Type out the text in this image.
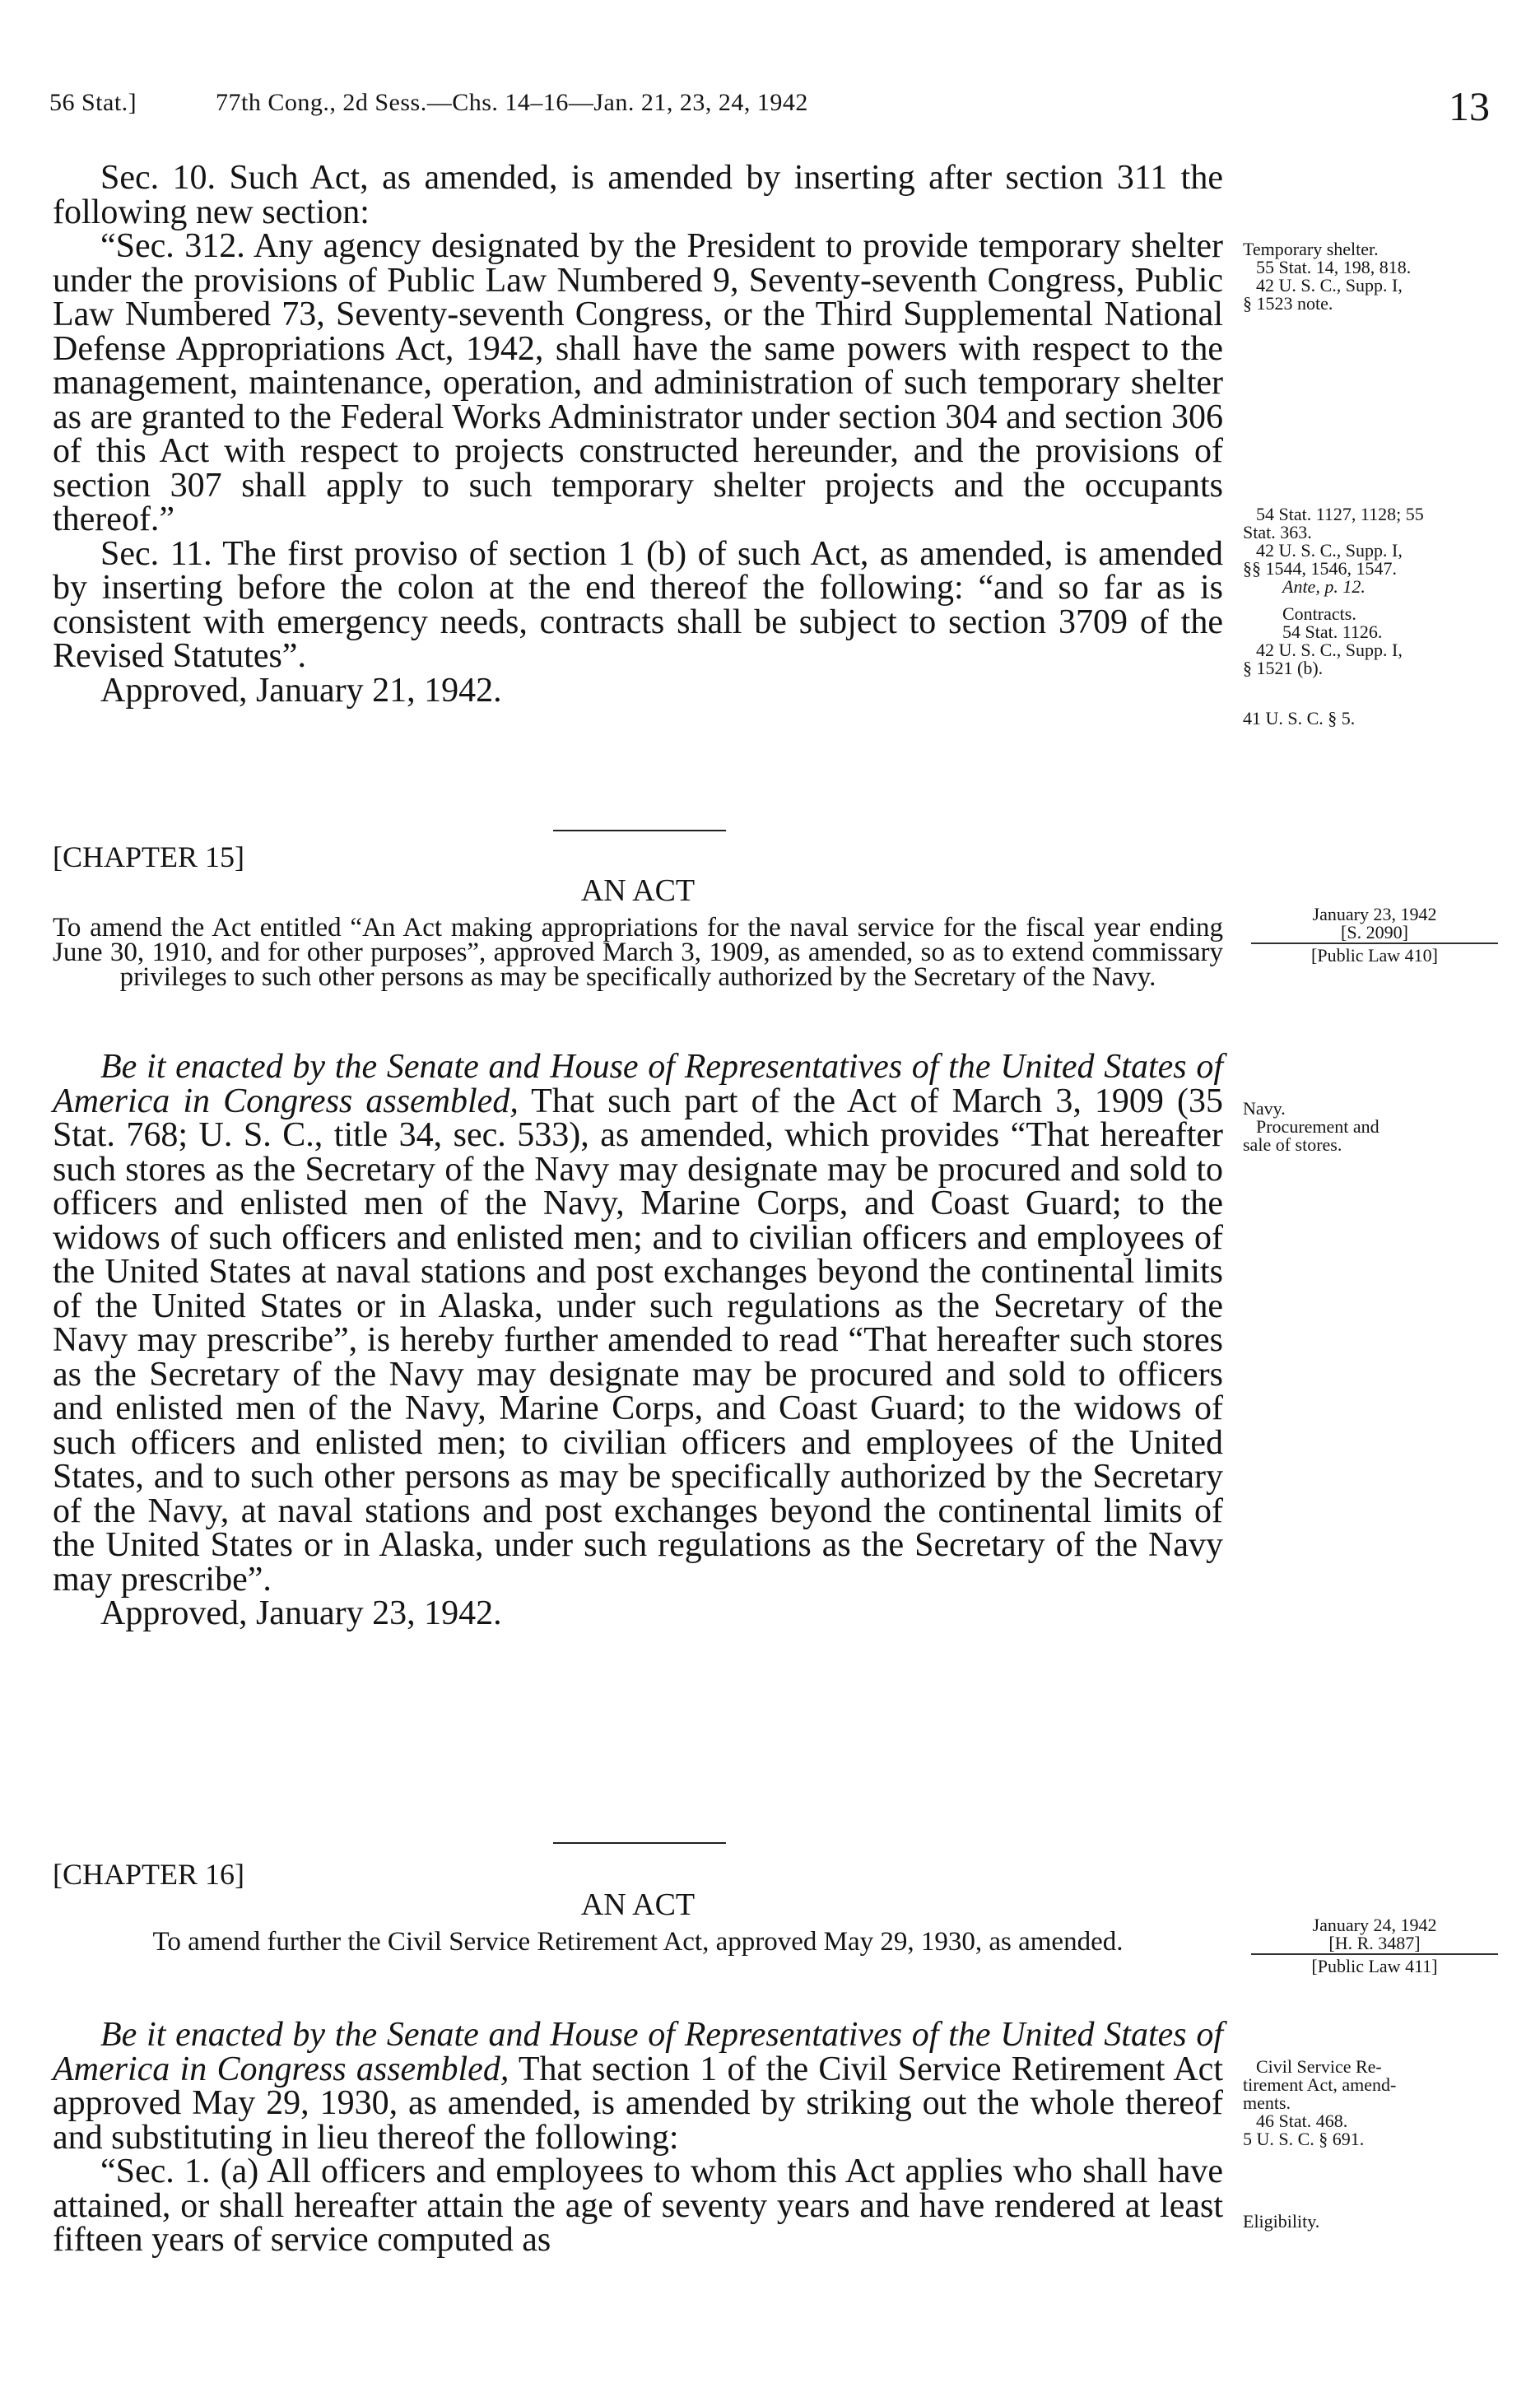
56 Stat.]	77th Cong., 2d Sess.—Chs. 14–16—Jan. 21, 23, 24, 1942	13

Sec. 10. Such Act, as amended, is amended by inserting after section 311 the following new section:

“Sec. 312. Any agency designated by the President to provide temporary shelter under the provisions of Public Law Numbered 9, Seventy-seventh Congress, Public Law Numbered 73, Seventy-seventh Congress, or the Third Supplemental National Defense Appropriations Act, 1942, shall have the same powers with respect to the management, maintenance, operation, and administration of such temporary shelter as are granted to the Federal Works Administrator under section 304 and section 306 of this Act with respect to projects constructed hereunder, and the provisions of section 307 shall apply to such temporary shelter projects and the occupants thereof.”

Sec. 11. The first proviso of section 1 (b) of such Act, as amended, is amended by inserting before the colon at the end thereof the following: “and so far as is consistent with emergency needs, contracts shall be subject to section 3709 of the Revised Statutes”.

Approved, January 21, 1942.

Temporary shelter.
55 Stat. 14, 198, 818.
42 U. S. C., Supp. I,
§ 1523 note.
54 Stat. 1127, 1128; 55
Stat. 363.
42 U. S. C., Supp. I,
§§ 1544, 1546, 1547.
Ante, p. 12.
Contracts.
54 Stat. 1126.
42 U. S. C., Supp. I,
§ 1521 (b).
41 U. S. C. § 5.
[CHAPTER 15]
AN ACT
To amend the Act entitled “An Act making appropriations for the naval service for the fiscal year ending June 30, 1910, and for other purposes”, approved March 3, 1909, as amended, so as to extend commissary privileges to such other persons as may be specifically authorized by the Secretary of the Navy.
January 23, 1942
[S. 2090]
[Public Law 410]

Be it enacted by the Senate and House of Representatives of the United States of America in Congress assembled, That such part of the Act of March 3, 1909 (35 Stat. 768; U. S. C., title 34, sec. 533), as amended, which provides “That hereafter such stores as the Secretary of the Navy may designate may be procured and sold to officers and enlisted men of the Navy, Marine Corps, and Coast Guard; to the widows of such officers and enlisted men; and to civilian officers and employees of the United States at naval stations and post exchanges beyond the continental limits of the United States or in Alaska, under such regulations as the Secretary of the Navy may prescribe”, is hereby further amended to read “That hereafter such stores as the Secretary of the Navy may designate may be procured and sold to officers and enlisted men of the Navy, Marine Corps, and Coast Guard; to the widows of such officers and enlisted men; to civilian officers and employees of the United States, and to such other persons as may be specifically authorized by the Secretary of the Navy, at naval stations and post exchanges beyond the continental limits of the United States or in Alaska, under such regulations as the Secretary of the Navy may prescribe”.

Approved, January 23, 1942.

Navy.
Procurement and
sale of stores.
[CHAPTER 16]
AN ACT
To amend further the Civil Service Retirement Act, approved May 29, 1930, as amended.
January 24, 1942
[H. R. 3487]
[Public Law 411]

Be it enacted by the Senate and House of Representatives of the United States of America in Congress assembled, That section 1 of the Civil Service Retirement Act approved May 29, 1930, as amended, is amended by striking out the whole thereof and substituting in lieu thereof the following:

“Sec. 1. (a) All officers and employees to whom this Act applies who shall have attained, or shall hereafter attain the age of seventy years and have rendered at least fifteen years of service computed as

Civil Service Re-
tirement Act, amend-
ments.
46 Stat. 468.
5 U. S. C. § 691.
Eligibility.
